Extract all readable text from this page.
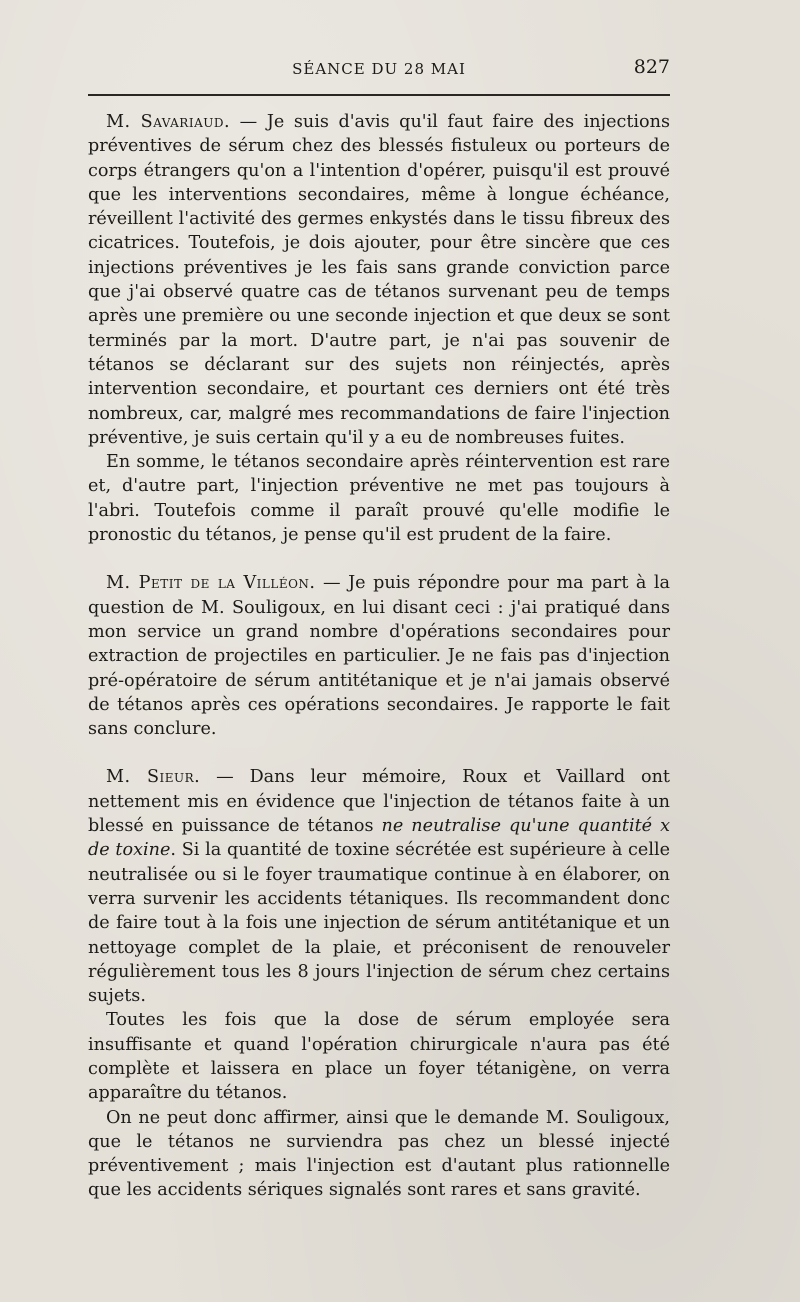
SÉANCE DU 28 MAI	827

M. Savariaud. — Je suis d'avis qu'il faut faire des injections préventives de sérum chez des blessés fistuleux ou porteurs de corps étrangers qu'on a l'intention d'opérer, puisqu'il est prouvé que les interventions secondaires, même à longue échéance, réveillent l'activité des germes enkystés dans le tissu fibreux des cicatrices. Toutefois, je dois ajouter, pour être sincère que ces injections préventives je les fais sans grande conviction parce que j'ai observé quatre cas de tétanos survenant peu de temps après une première ou une seconde injection et que deux se sont terminés par la mort. D'autre part, je n'ai pas souvenir de tétanos se déclarant sur des sujets non réinjectés, après intervention secondaire, et pourtant ces derniers ont été très nombreux, car, malgré mes recommandations de faire l'injection préventive, je suis certain qu'il y a eu de nombreuses fuites.

En somme, le tétanos secondaire après réintervention est rare et, d'autre part, l'injection préventive ne met pas toujours à l'abri. Toutefois comme il paraît prouvé qu'elle modifie le pronostic du tétanos, je pense qu'il est prudent de la faire.

M. Petit de la Villéon. — Je puis répondre pour ma part à la question de M. Souligoux, en lui disant ceci : j'ai pratiqué dans mon service un grand nombre d'opérations secondaires pour extraction de projectiles en particulier. Je ne fais pas d'injection pré-opératoire de sérum antitétanique et je n'ai jamais observé de tétanos après ces opérations secondaires. Je rapporte le fait sans conclure.

M. Sieur. — Dans leur mémoire, Roux et Vaillard ont nettement mis en évidence que l'injection de tétanos faite à un blessé en puissance de tétanos ne neutralise qu'une quantité x de toxine. Si la quantité de toxine sécrétée est supérieure à celle neutralisée ou si le foyer traumatique continue à en élaborer, on verra survenir les accidents tétaniques. Ils recommandent donc de faire tout à la fois une injection de sérum antitétanique et un nettoyage complet de la plaie, et préconisent de renouveler régulièrement tous les 8 jours l'injection de sérum chez certains sujets.

Toutes les fois que la dose de sérum employée sera insuffisante et quand l'opération chirurgicale n'aura pas été complète et laissera en place un foyer tétanigène, on verra apparaître du tétanos.

On ne peut donc affirmer, ainsi que le demande M. Souligoux, que le tétanos ne surviendra pas chez un blessé injecté préventivement ; mais l'injection est d'autant plus rationnelle que les accidents sériques signalés sont rares et sans gravité.
